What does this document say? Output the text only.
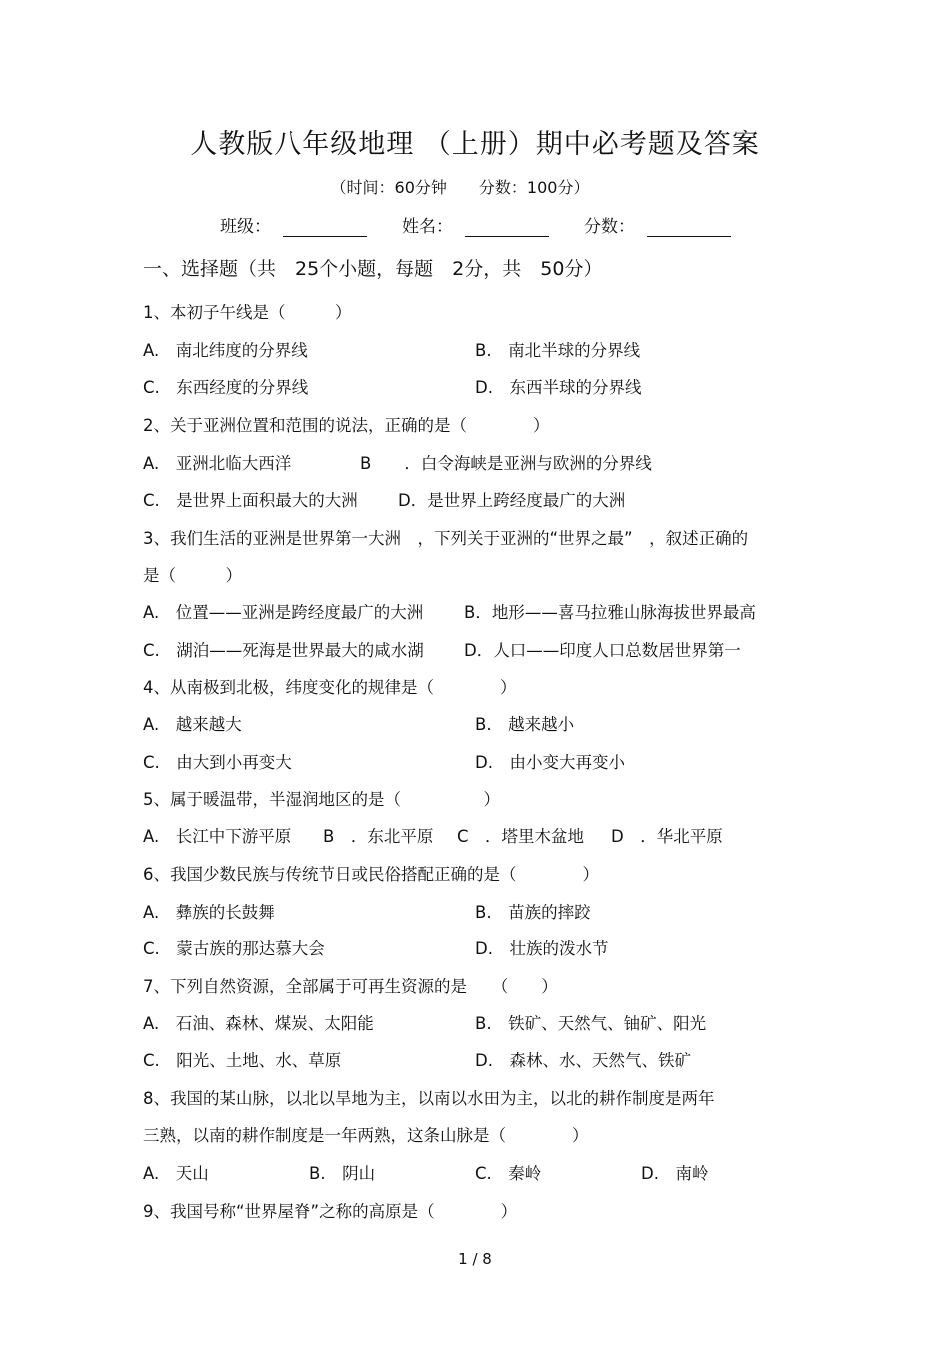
人教版八年级地理 （上册）期中必考题及答案
（时间：60分钟　　分数：100分）
班级：	姓名：	分数：
一、选择题（共　25个小题，每题　2分，共　50分）
1、本初子午线是（　　　）
A.　南北纬度的分界线	B.　南北半球的分界线
C.　东西经度的分界线	D.　东西半球的分界线
2、关于亚洲位置和范围的说法，正确的是（　　　　）
A.　亚洲北临大西洋	B　　．白令海峡是亚洲与欧洲的分界线
C.　是世界上面积最大的大洲 D．是世界上跨经度最广的大洲
3、我们生活的亚洲是世界第一大洲　，下列关于亚洲的“世界之最”　，叙述正确的
是（　　　）
A.　位置——亚洲是跨经度最广的大洲 B．地形——喜马拉雅山脉海拔世界最高
C.　湖泊——死海是世界最大的咸水湖 D．人口——印度人口总数居世界第一
4、从南极到北极，纬度变化的规律是（　　　　）
A.　越来越大	B.　越来越小
C.　由大到小再变大	D.　由小变大再变小
5、属于暖温带，半湿润地区的是（　　　　　）
A.　长江中下游平原 B　．东北平原 C　．塔里木盆地 D　．华北平原
6、我国少数民族与传统节日或民俗搭配正确的是（　　　　）
A.　彝族的长鼓舞	B.　苗族的摔跤
C.　蒙古族的那达慕大会	D.　壮族的泼水节
7、下列自然资源，全部属于可再生资源的是　　（　　）
A.　石油、森林、煤炭、太阳能	B.　铁矿、天然气、铀矿、阳光
C.　阳光、土地、水、草原	D.　森林、水、天然气、铁矿
8、我国的某山脉，以北以旱地为主，以南以水田为主，以北的耕作制度是两年
三熟，以南的耕作制度是一年两熟，这条山脉是（　　　　）
A.　天山	B.　阴山	C.　秦岭	D.　南岭
9、我国号称“世界屋脊”之称的高原是（　　　　）
1 / 8
